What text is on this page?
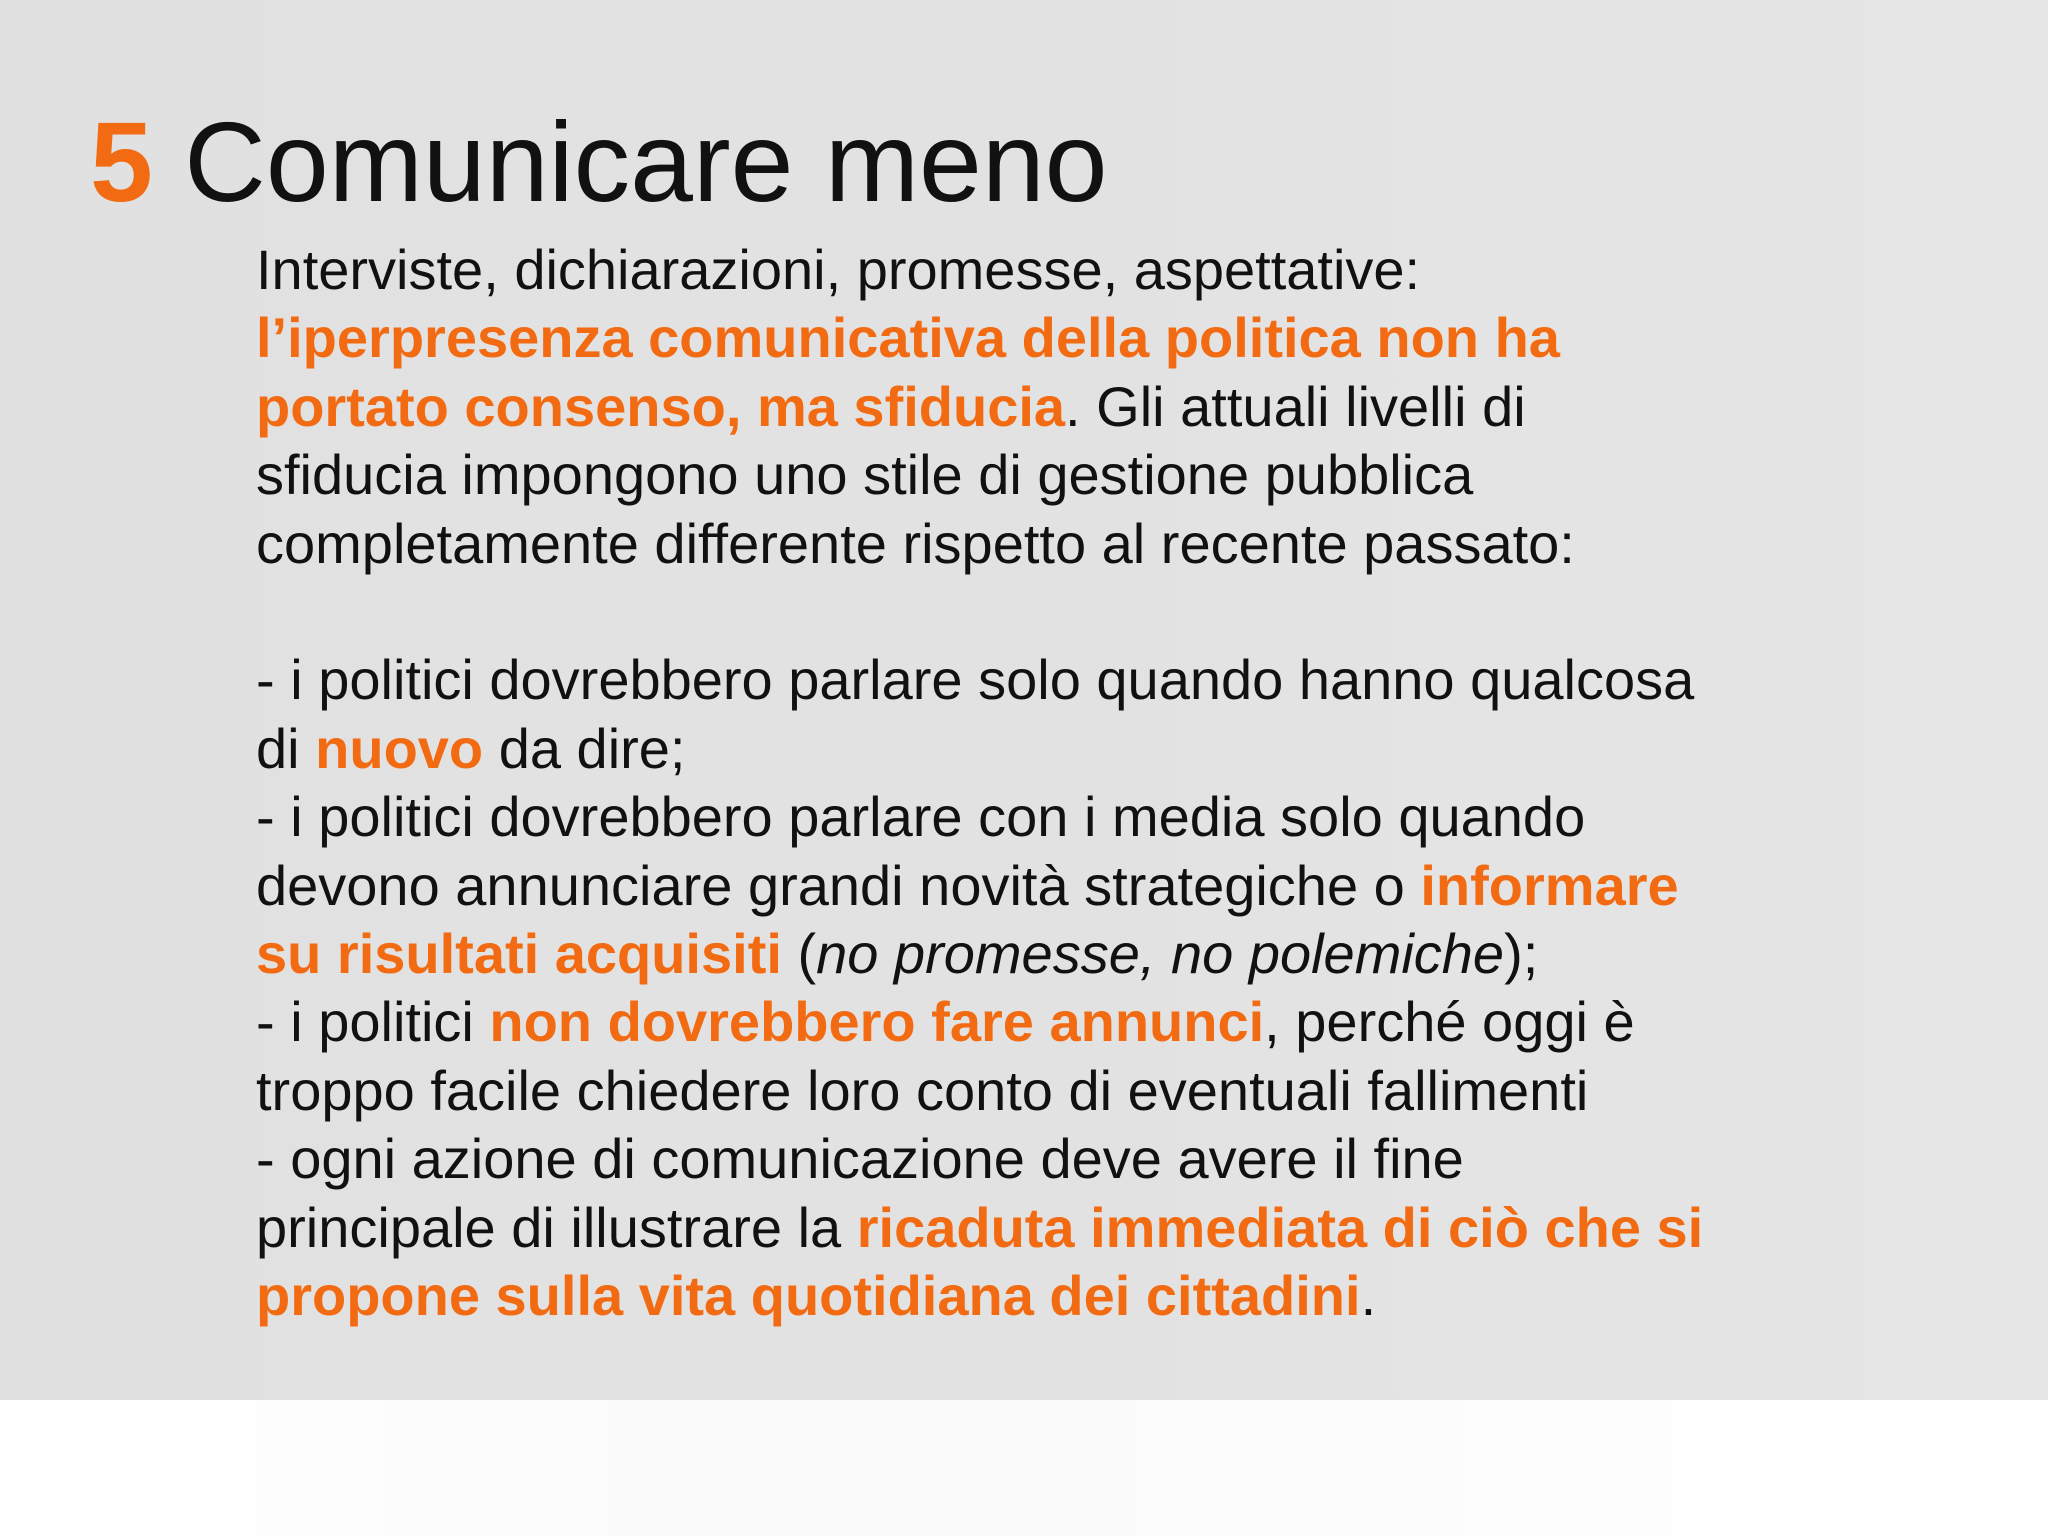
5 Comunicare meno

Interviste, dichiarazioni, promesse, aspettative: l’iperpresenza comunicativa della politica non ha portato consenso, ma sfiducia. Gli attuali livelli di sfiducia impongono uno stile di gestione pubblica completamente differente rispetto al recente passato:

- i politici dovrebbero parlare solo quando hanno qualcosa di nuovo da dire;

- i politici dovrebbero parlare con i media solo quando devono annunciare grandi novità strategiche o informare su risultati acquisiti (no promesse, no polemiche);

- i politici non dovrebbero fare annunci, perché oggi è troppo facile chiedere loro conto di eventuali fallimenti

- ogni azione di comunicazione deve avere il fine principale di illustrare la ricaduta immediata di ciò che si propone sulla vita quotidiana dei cittadini.
